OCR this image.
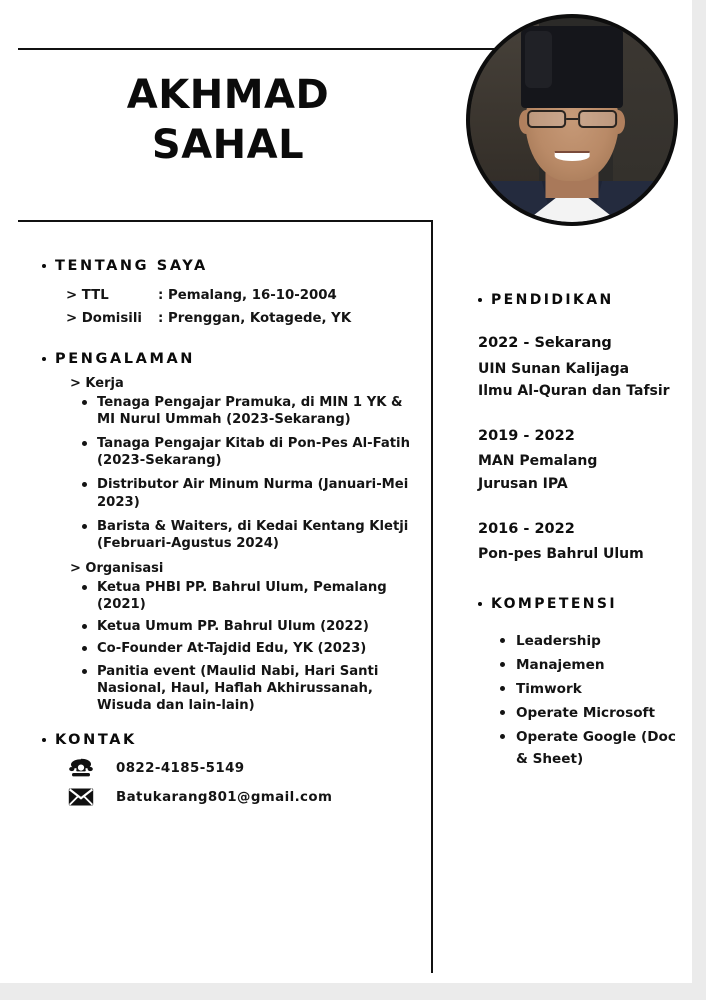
AKHMAD
SAHAL
TENTANG SAYA
> TTL	: Pemalang, 16-10-2004
> Domisili	: Prenggan, Kotagede, YK
PENGALAMAN
> Kerja
Tenaga Pengajar Pramuka, di MIN 1 YK & MI Nurul Ummah (2023-Sekarang)
Tanaga Pengajar Kitab di Pon-Pes Al-Fatih (2023-Sekarang)
Distributor Air Minum Nurma (Januari-Mei 2023)
Barista & Waiters, di Kedai Kentang Kletji (Februari-Agustus 2024)
> Organisasi
Ketua PHBI PP. Bahrul Ulum, Pemalang (2021)
Ketua Umum PP. Bahrul Ulum (2022)
Co-Founder At-Tajdid Edu, YK (2023)
Panitia event (Maulid Nabi, Hari Santi Nasional, Haul, Haflah Akhirussanah, Wisuda dan lain-lain)
KONTAK
0822-4185-5149
Batukarang801@gmail.com
PENDIDIKAN
2022 - Sekarang
UIN Sunan Kalijaga
Ilmu Al-Quran dan Tafsir
2019 - 2022
MAN Pemalang
Jurusan IPA
2016 - 2022
Pon-pes Bahrul Ulum
KOMPETENSI
Leadership
Manajemen
Timwork
Operate Microsoft
Operate Google (Doc & Sheet)
